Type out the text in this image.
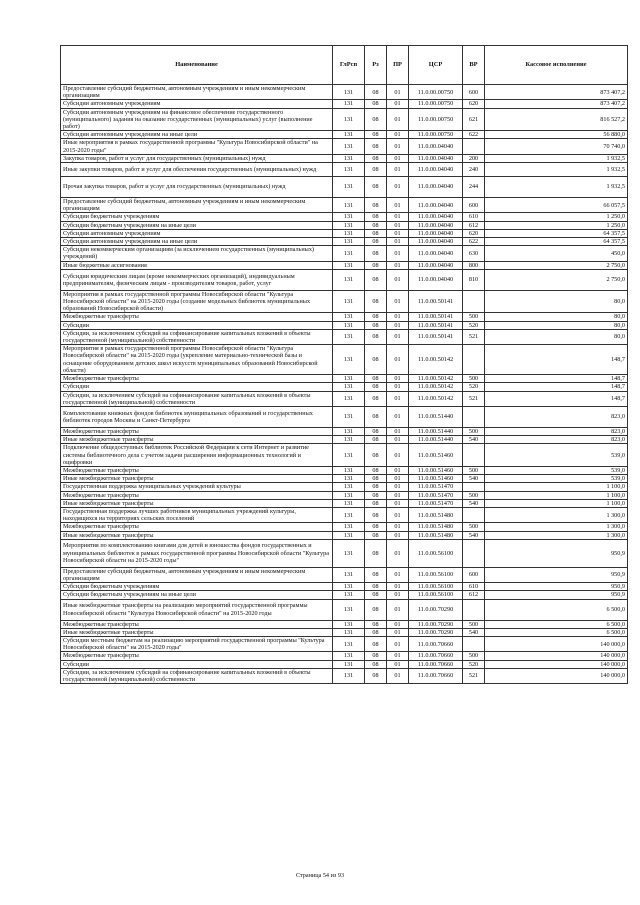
Наименование	ГлРсп	Рз	ПР	ЦСР	ВР	Кассовое исполнение
Предоставление субсидий бюджетным, автономным учреждениям и иным некоммерческим организациям	131	08	01	11.0.00.00750	600	873 407,2
Субсидии автономным учреждениям	131	08	01	11.0.00.00750	620	873 407,2
Субсидии автономным учреждениям на финансовое обеспечение государственного (муниципального) задания на оказание государственных (муниципальных) услуг (выполнение работ)	131	08	01	11.0.00.00750	621	816 527,2
Субсидии автономным учреждениям на иные цели	131	08	01	11.0.00.00750	622	56 880,0
Иные мероприятия в рамках государственной программы "Культура Новосибирской области" на 2015-2020 годы"	131	08	01	11.0.00.04040		70 740,0
Закупка товаров, работ и услуг для государственных (муниципальных) нужд	131	08	01	11.0.00.04040	200	1 932,5
Иные закупки товаров, работ и услуг для обеспечения государственных (муниципальных) нужд	131	08	01	11.0.00.04040	240	1 932,5
Прочая закупка товаров, работ и услуг для государственных (муниципальных) нужд	131	08	01	11.0.00.04040	244	1 932,5
Предоставление субсидий бюджетным, автономным учреждениям и иным некоммерческим организациям	131	08	01	11.0.00.04040	600	66 057,5
Субсидии бюджетным учреждениям	131	08	01	11.0.00.04040	610	1 250,0
Субсидии бюджетным учреждениям на иные цели	131	08	01	11.0.00.04040	612	1 250,0
Субсидии автономным учреждениям	131	08	01	11.0.00.04040	620	64 357,5
Субсидии автономным учреждениям на иные цели	131	08	01	11.0.00.04040	622	64 357,5
Субсидии некоммерческим организациям (за исключением государственных (муниципальных) учреждений)	131	08	01	11.0.00.04040	630	450,0
Иные бюджетные ассигнования	131	08	01	11.0.00.04040	800	2 750,0
Субсидии юридическим лицам (кроме некоммерческих организаций), индивидуальным предпринимателям, физическим лицам - производителям товаров, работ, услуг	131	08	01	11.0.00.04040	810	2 750,0
Мероприятия в рамках государственной программы Новосибирской области "Культура Новосибирской области" на 2015-2020 годы (создание модельных библиотек муниципальных образований Новосибирской области)	131	08	01	11.0.00.50141		80,0
Межбюджетные трансферты	131	08	01	11.0.00.50141	500	80,0
Субсидии	131	08	01	11.0.00.50141	520	80,0
Субсидии, за исключением субсидий на софинансирование капитальных вложений в объекты государственной (муниципальной) собственности	131	08	01	11.0.00.50141	521	80,0
Мероприятия в рамках государственной программы Новосибирской области "Культура Новосибирской области" на 2015-2020 годы (укрепление материально-технической базы и оснащение оборудованием детских школ искусств муниципальных образований Новосибирской области)	131	08	01	11.0.00.50142		148,7
Межбюджетные трансферты	131	08	01	11.0.00.50142	500	148,7
Субсидии	131	08	01	11.0.00.50142	520	148,7
Субсидии, за исключением субсидий на софинансирование капитальных вложений в объекты государственной (муниципальной) собственности	131	08	01	11.0.00.50142	521	148,7
Комплектование книжных фондов библиотек муниципальных образований и государственных библиотек городов Москвы и Санкт-Петербурга	131	08	01	11.0.00.51440		823,0
Межбюджетные трансферты	131	08	01	11.0.00.51440	500	823,0
Иные межбюджетные трансферты	131	08	01	11.0.00.51440	540	823,0
Подключение общедоступных библиотек Российской Федерации к сети Интернет и развитие системы библиотечного дела с учетом задачи расширения информационных технологий и оцифровки	131	08	01	11.0.00.51460		539,0
Межбюджетные трансферты	131	08	01	11.0.00.51460	500	539,0
Иные межбюджетные трансферты	131	08	01	11.0.00.51460	540	539,0
Государственная поддержка муниципальных учреждений культуры	131	08	01	11.0.00.51470		1 100,0
Межбюджетные трансферты	131	08	01	11.0.00.51470	500	1 100,0
Иные межбюджетные трансферты	131	08	01	11.0.00.51470	540	1 100,0
Государственная поддержка лучших работников муниципальных учреждений культуры, находящихся на территориях сельских поселений	131	08	01	11.0.00.51480		1 300,0
Межбюджетные трансферты	131	08	01	11.0.00.51480	500	1 300,0
Иные межбюджетные трансферты	131	08	01	11.0.00.51480	540	1 300,0
Мероприятия по комплектованию книгами для детей и юношества фондов государственных и муниципальных библиотек в рамках государственной программы Новосибирской области "Культура Новосибирской области на 2015-2020 годы"	131	08	01	11.0.00.56100		950,9
Предоставление субсидий бюджетным, автономным учреждениям и иным некоммерческим организациям	131	08	01	11.0.00.56100	600	950,9
Субсидии бюджетным учреждениям	131	08	01	11.0.00.56100	610	950,9
Субсидии бюджетным учреждениям на иные цели	131	08	01	11.0.00.56100	612	950,9
Иные межбюджетные трансферты на реализацию мероприятий государственной программы Новосибирской области "Культура Новосибирской области" на 2015-2020 годы	131	08	01	11.0.00.70290		6 500,0
Межбюджетные трансферты	131	08	01	11.0.00.70290	500	6 500,0
Иные межбюджетные трансферты	131	08	01	11.0.00.70290	540	6 500,0
Субсидии местным бюджетам на реализацию мероприятий государственной программы "Культура Новосибирской области" на 2015-2020 годы"	131	08	01	11.0.00.70660		140 000,0
Межбюджетные трансферты	131	08	01	11.0.00.70660	500	140 000,0
Субсидии	131	08	01	11.0.00.70660	520	140 000,0
Субсидии, за исключением субсидий на софинансирование капитальных вложений в объекты государственной (муниципальной) собственности	131	08	01	11.0.00.70660	521	140 000,0
Страница 54 из 93
